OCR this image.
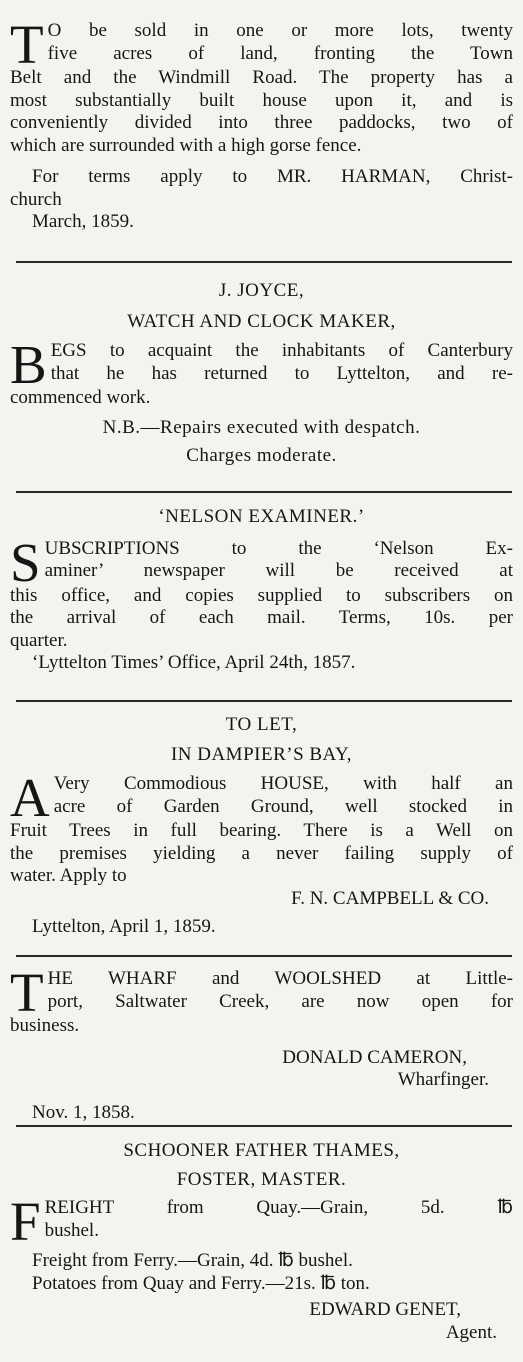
T O be sold in one or more lots, twenty

five acres of land, fronting the Town

Belt and the Windmill Road. The property has a

most substantially built house upon it, and is

conveniently divided into three paddocks, two of

which are surrounded with a high gorse fence.

For terms apply to MR. HARMAN, Christ-

church

March, 1859.

J. JOYCE,

WATCH AND CLOCK MAKER,

B EGS to acquaint the inhabitants of Canterbury

that he has returned to Lyttelton, and re-

commenced work.

N.B.—Repairs executed with despatch.

Charges moderate.

‘NELSON EXAMINER.’

S UBSCRIPTIONS to the ‘Nelson Ex-

aminer’ newspaper will be received at

this office, and copies supplied to subscribers on

the arrival of each mail. Terms, 10s. per

quarter.

‘Lyttelton Times’ Office, April 24th, 1857.

TO LET,

IN DAMPIER’S BAY,

A Very Commodious HOUSE, with half an

acre of Garden Ground, well stocked in

Fruit Trees in full bearing. There is a Well on

the premises yielding a never failing supply of

water. Apply to

F. N. CAMPBELL & CO.

Lyttelton, April 1, 1859.

T HE WHARF and WOOLSHED at Little-

port, Saltwater Creek, are now open for

business.

DONALD CAMERON,

Wharfinger.

Nov. 1, 1858.

SCHOONER FATHER THAMES,

FOSTER, MASTER.

F REIGHT from Quay.—Grain, 5d. ℔

bushel.

Freight from Ferry.—Grain, 4d. ℔ bushel.

Potatoes from Quay and Ferry.—21s. ℔ ton.

EDWARD GENET,

Agent.
